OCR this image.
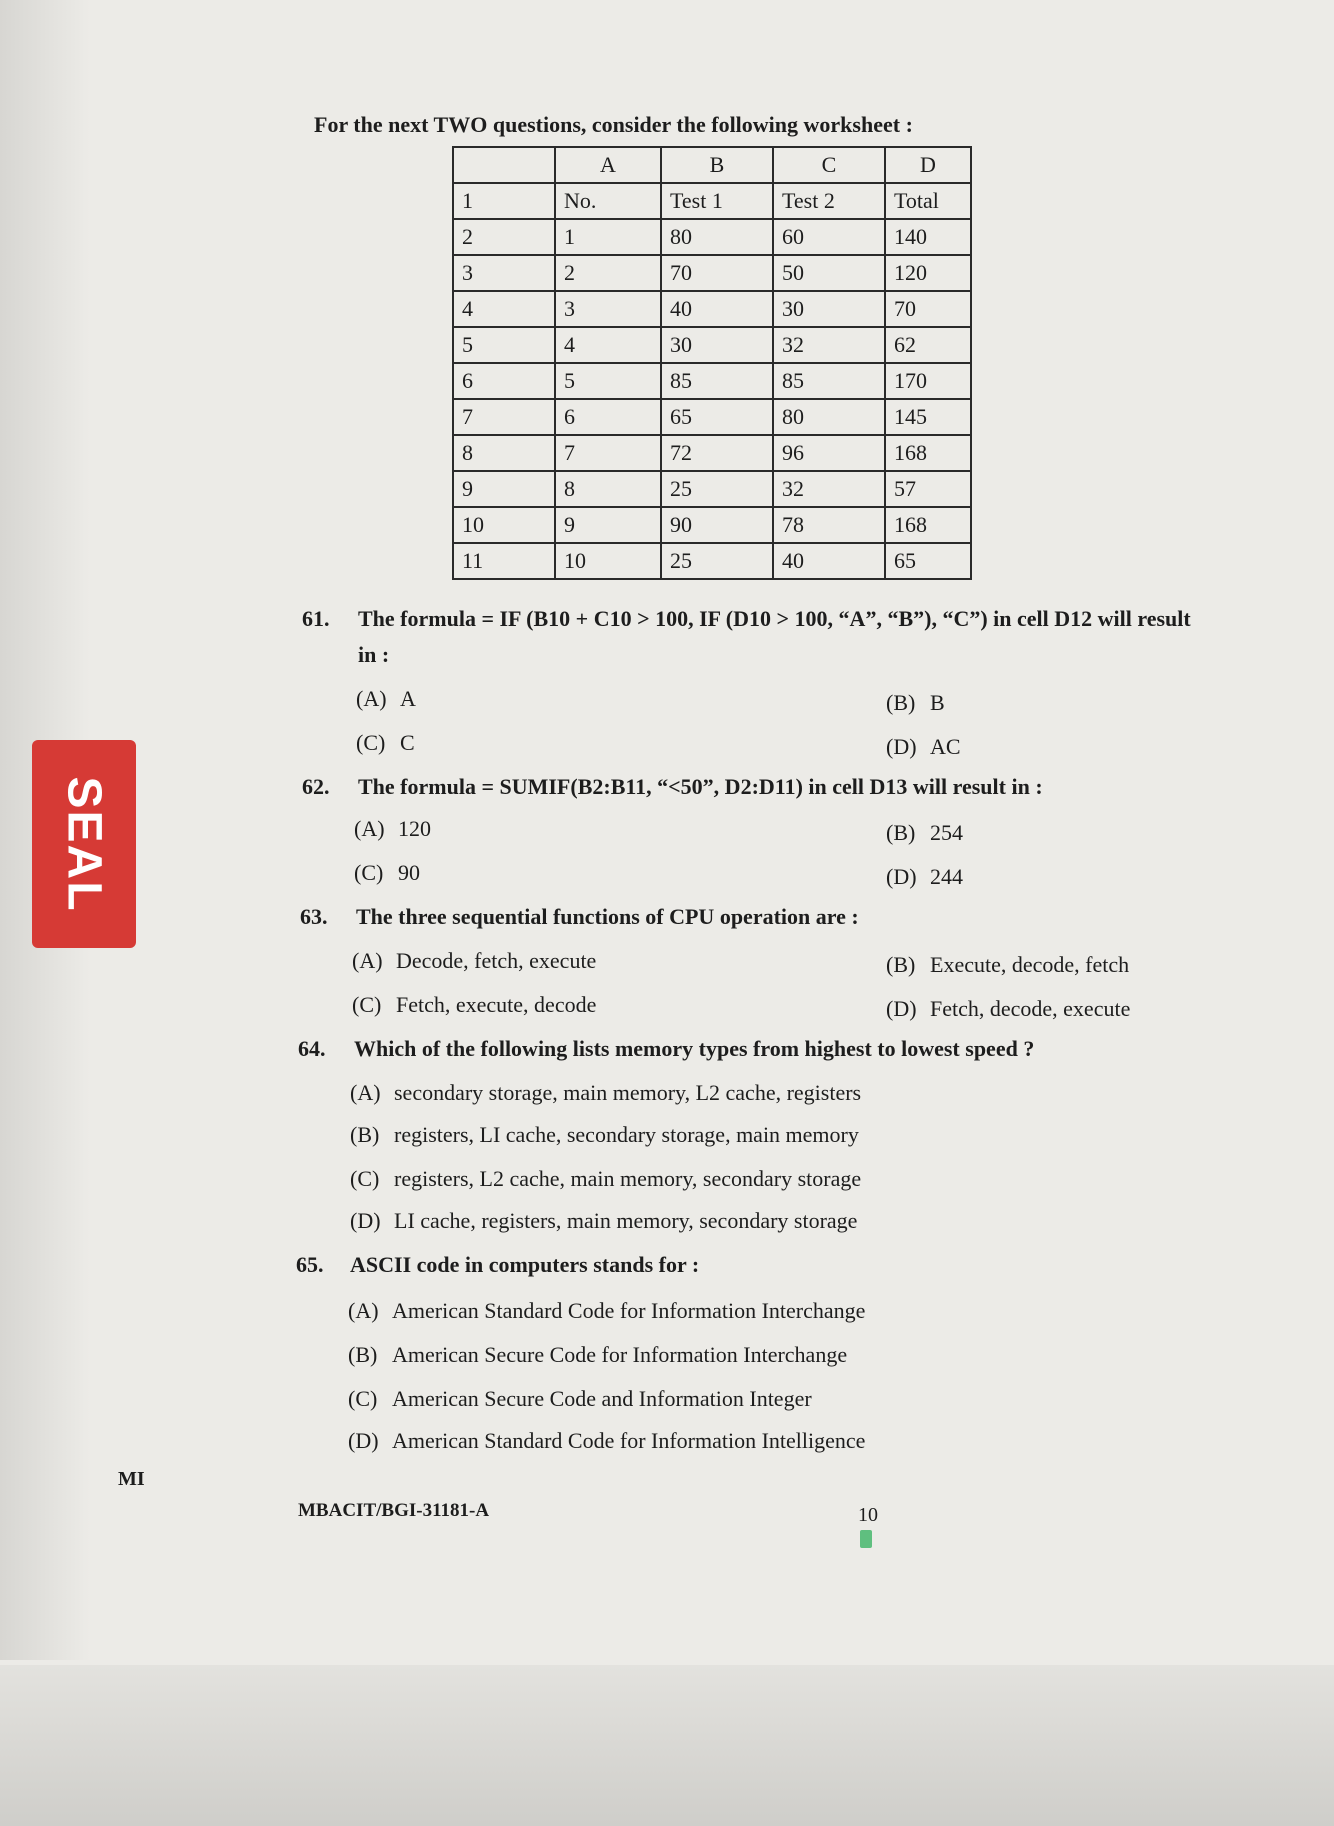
For the next TWO questions, consider the following worksheet :
	A	B	C	D
1	No.	Test 1	Test 2	Total
2	1	80	60	140
3	2	70	50	120
4	3	40	30	70
5	4	30	32	62
6	5	85	85	170
7	6	65	80	145
8	7	72	96	168
9	8	25	32	57
10	9	90	78	168
11	10	25	40	65
61. The formula = IF (B10 + C10 > 100, IF (D10 > 100, “A”, “B”), “C”) in cell D12 will result
in :
(A) A	(B) B
(C) C	(D) AC
62. The formula = SUMIF(B2:B11, “<50”, D2:D11) in cell D13 will result in :
(A) 120	(B) 254
(C) 90	(D) 244
63. The three sequential functions of CPU operation are :
(A) Decode, fetch, execute	(B) Execute, decode, fetch
(C) Fetch, execute, decode	(D) Fetch, decode, execute
64. Which of the following lists memory types from highest to lowest speed ?
(A) secondary storage, main memory, L2 cache, registers
(B) registers, LI cache, secondary storage, main memory
(C) registers, L2 cache, main memory, secondary storage
(D) LI cache, registers, main memory, secondary storage
65. ASCII code in computers stands for :
(A) American Standard Code for Information Interchange
(B) American Secure Code for Information Interchange
(C) American Secure Code and Information Integer
(D) American Standard Code for Information Intelligence
SEAL
MI
MBACIT/BGI-31181-A	10
